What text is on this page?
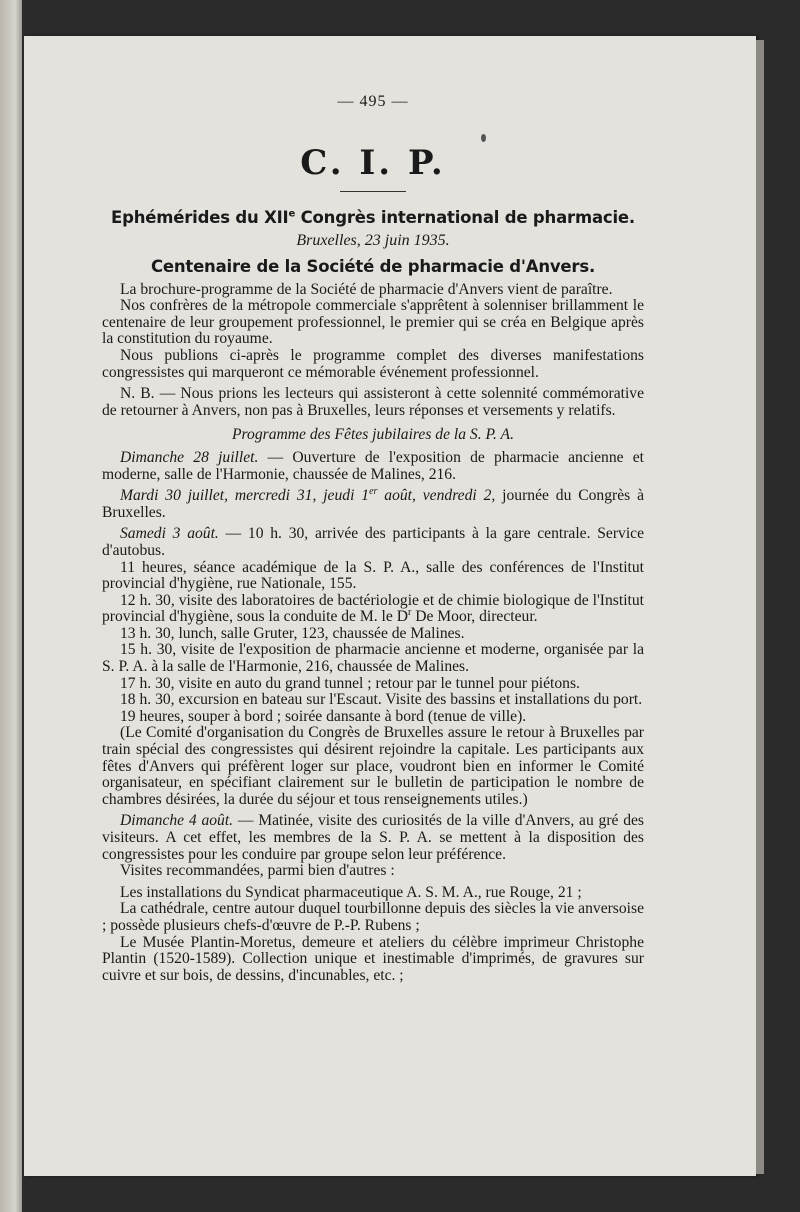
— 495 —

C. I. P.

Ephémérides du XIIe Congrès international de pharmacie.

Bruxelles, 23 juin 1935.

Centenaire de la Société de pharmacie d'Anvers.

La brochure-programme de la Société de pharmacie d'Anvers vient de paraître.

Nos confrères de la métropole commerciale s'apprêtent à solenniser brillamment le centenaire de leur groupement professionnel, le premier qui se créa en Belgique après la constitution du royaume.

Nous publions ci-après le programme complet des diverses manifestations congressistes qui marqueront ce mémorable événement professionnel.

N. B. — Nous prions les lecteurs qui assisteront à cette solennité commémorative de retourner à Anvers, non pas à Bruxelles, leurs réponses et versements y relatifs.

Programme des Fêtes jubilaires de la S. P. A.

Dimanche 28 juillet. — Ouverture de l'exposition de pharmacie ancienne et moderne, salle de l'Harmonie, chaussée de Malines, 216.

Mardi 30 juillet, mercredi 31, jeudi 1er août, vendredi 2, journée du Congrès à Bruxelles.

Samedi 3 août. — 10 h. 30, arrivée des participants à la gare centrale. Service d'autobus.

11 heures, séance académique de la S. P. A., salle des conférences de l'Institut provincial d'hygiène, rue Nationale, 155.

12 h. 30, visite des laboratoires de bactériologie et de chimie biologique de l'Institut provincial d'hygiène, sous la conduite de M. le $D^r$ De Moor, directeur.

13 h. 30, lunch, salle Gruter, 123, chaussée de Malines.

15 h. 30, visite de l'exposition de pharmacie ancienne et moderne, organisée par la S. P. A. à la salle de l'Harmonie, 216, chaussée de Malines.

17 h. 30, visite en auto du grand tunnel ; retour par le tunnel pour piétons.

18 h. 30, excursion en bateau sur l'Escaut. Visite des bassins et installations du port.

19 heures, souper à bord ; soirée dansante à bord (tenue de ville).

(Le Comité d'organisation du Congrès de Bruxelles assure le retour à Bruxelles par train spécial des congressistes qui désirent rejoindre la capitale. Les participants aux fêtes d'Anvers qui préfèrent loger sur place, voudront bien en informer le Comité organisateur, en spécifiant clairement sur le bulletin de participation le nombre de chambres désirées, la durée du séjour et tous renseignements utiles.)

Dimanche 4 août. — Matinée, visite des curiosités de la ville d'Anvers, au gré des visiteurs. A cet effet, les membres de la S. P. A. se mettent à la disposition des congressistes pour les conduire par groupe selon leur préférence.

Visites recommandées, parmi bien d'autres :

Les installations du Syndicat pharmaceutique A. S. M. A., rue Rouge, 21 ;

La cathédrale, centre autour duquel tourbillonne depuis des siècles la vie anversoise ; possède plusieurs chefs-d'œuvre de P.-P. Rubens ;

Le Musée Plantin-Moretus, demeure et ateliers du célèbre imprimeur Christophe Plantin (1520-1589). Collection unique et inestimable d'imprimés, de gravures sur cuivre et sur bois, de dessins, d'incunables, etc. ;
